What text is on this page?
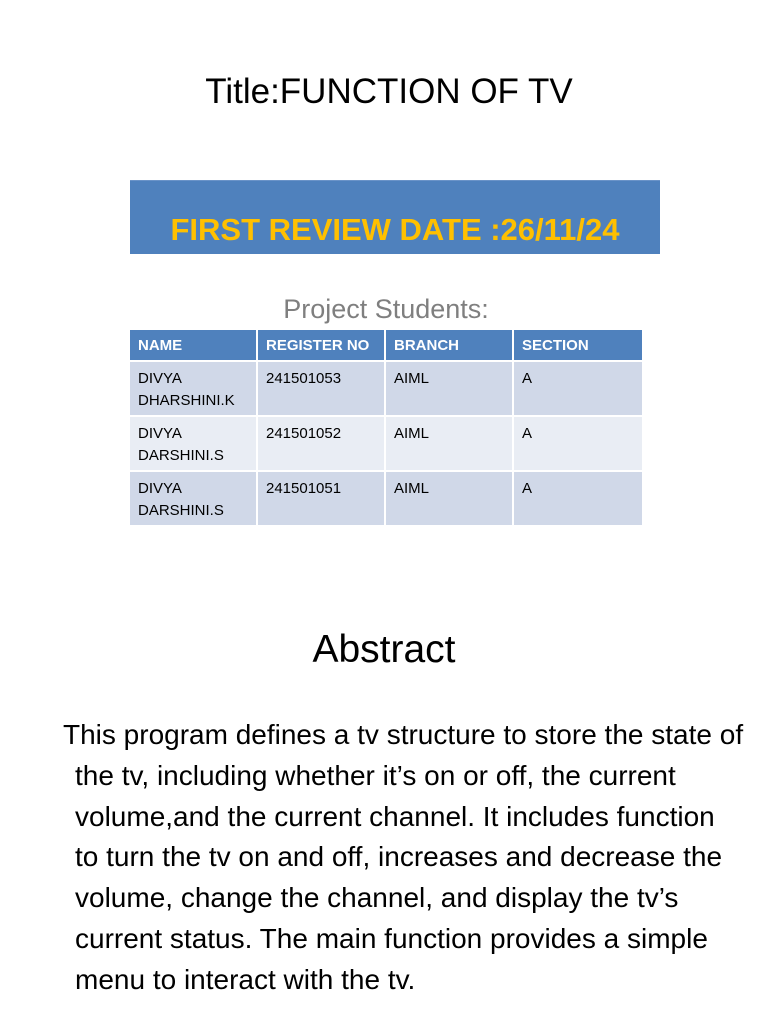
Title:FUNCTION OF TV
FIRST REVIEW DATE :26/11/24
Project Students:
NAME	REGISTER NO	BRANCH	SECTION
DIVYA DHARSHINI.K	241501053	AIML	A
DIVYA DARSHINI.S	241501052	AIML	A
DIVYA DARSHINI.S	241501051	AIML	A
Abstract

This program defines a tv structure to store the state of the tv, including whether it’s on or off, the current volume,and the current channel. It includes function to turn the tv on and off, increases and decrease the volume, change the channel, and display the tv’s current status. The main function provides a simple menu to interact with the tv.
